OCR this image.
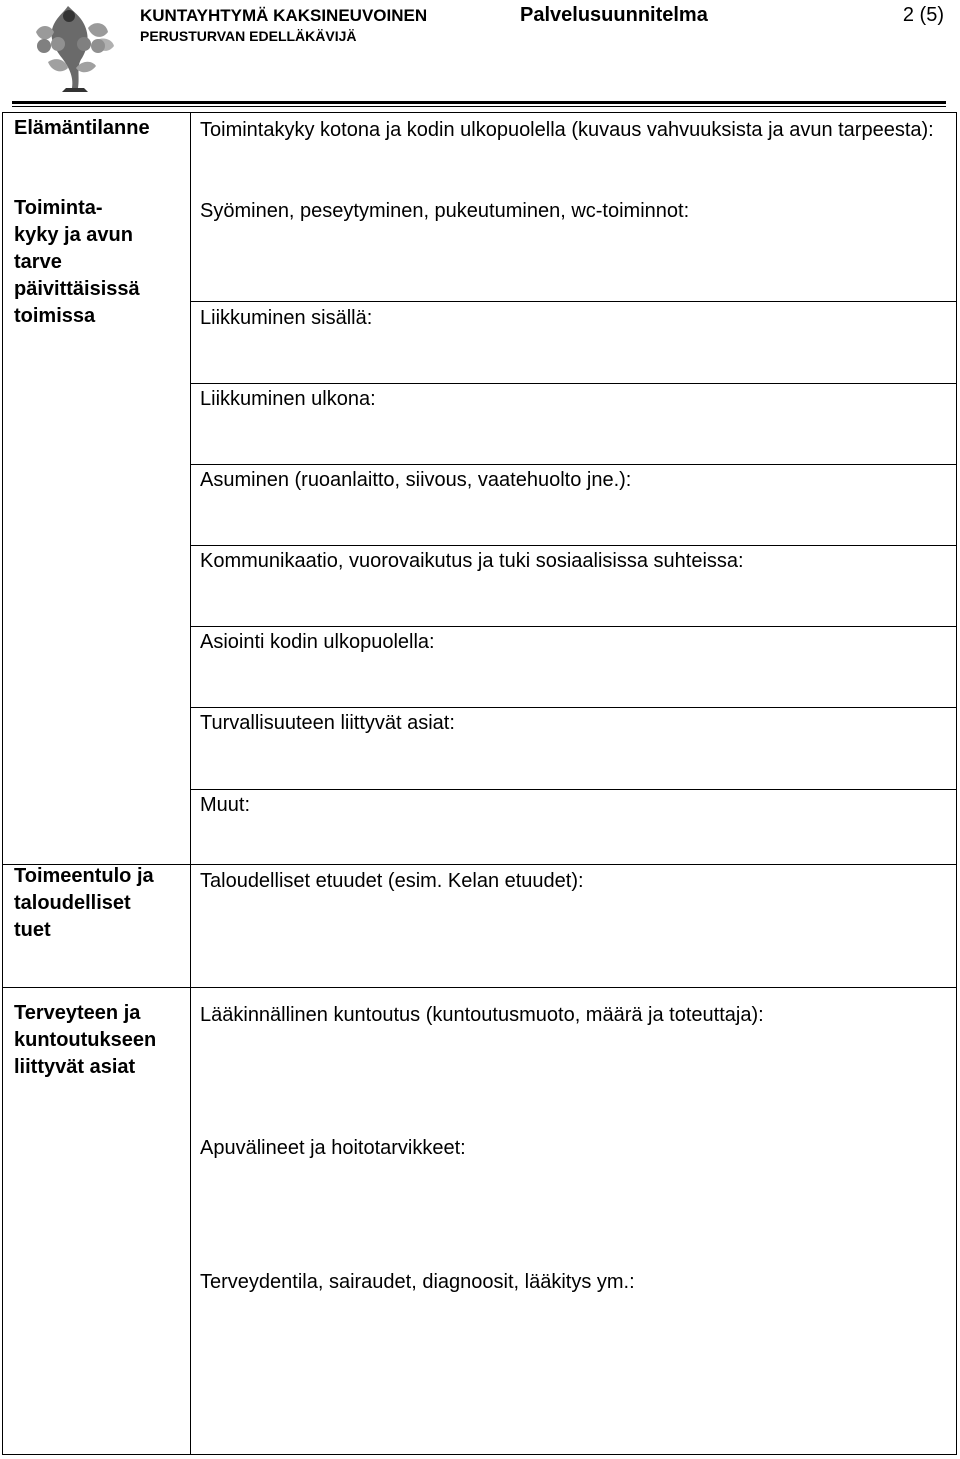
KUNTAYHTYMÄ KAKSINEUVOINEN
PERUSTURVAN EDELLÄKÄVIJÄ
Palvelusuunnitelma	2 (5)
Elämäntilanne
Toiminta-
kyky ja avun
tarve
päivittäisissä
toimissa
Toimeentulo ja
taloudelliset
tuet
Terveyteen ja
kuntoutukseen
liittyvät asiat
Toimintakyky kotona ja kodin ulkopuolella (kuvaus vahvuuksista ja avun tarpeesta):
Syöminen, peseytyminen, pukeutuminen, wc-toiminnot:
Liikkuminen sisällä:
Liikkuminen ulkona:
Asuminen (ruoanlaitto, siivous, vaatehuolto jne.):
Kommunikaatio, vuorovaikutus ja tuki sosiaalisissa suhteissa:
Asiointi kodin ulkopuolella:
Turvallisuuteen liittyvät asiat:
Muut:
Taloudelliset etuudet (esim. Kelan etuudet):
Lääkinnällinen kuntoutus (kuntoutusmuoto, määrä ja toteuttaja):
Apuvälineet ja hoitotarvikkeet:
Terveydentila, sairaudet, diagnoosit, lääkitys ym.:
